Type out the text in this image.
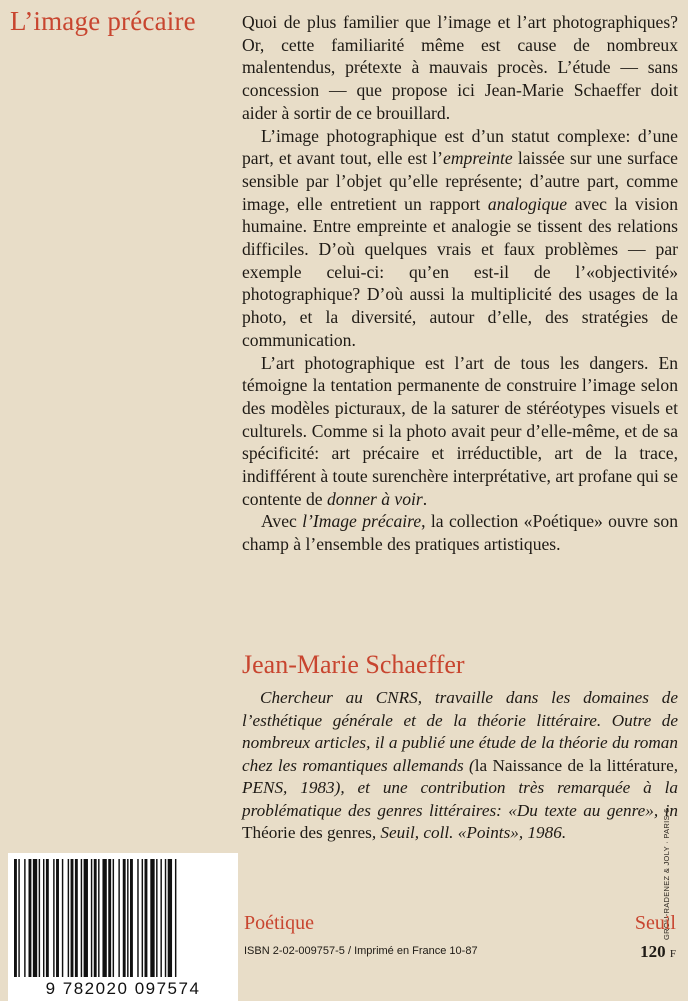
L’image précaire	Quoi de plus familier que l’image et l’art photographiques? Or, cette familiarité même est cause de nombreux malentendus, prétexte à mauvais procès. L’étude — sans concession — que propose ici Jean-Marie Schaeffer doit aider à sortir de ce brouillard.

L’image photographique est d’un statut complexe: d’une part, et avant tout, elle est l’empreinte laissée sur une surface sensible par l’objet qu’elle représente; d’autre part, comme image, elle entretient un rapport analogique avec la vision humaine. Entre empreinte et analogie se tissent des relations difficiles. D’où quelques vrais et faux problèmes — par exemple celui-ci: qu’en est-il de l’«objectivité» photographique? D’où aussi la multiplicité des usages de la photo, et la diversité, autour d’elle, des stratégies de communication.

L’art photographique est l’art de tous les dangers. En témoigne la tentation permanente de construire l’image selon des modèles picturaux, de la saturer de stéréotypes visuels et culturels. Comme si la photo avait peur d’elle-même, et de sa spécificité: art précaire et irréductible, art de la trace, indifférent à toute surenchère interprétative, art profane qui se contente de donner à voir.

Avec l’Image précaire, la collection «Poétique» ouvre son champ à l’ensemble des pratiques artistiques.

Jean-Marie Schaeffer

Chercheur au CNRS, travaille dans les domaines de l’esthétique générale et de la théorie littéraire. Outre de nombreux articles, il a publié une étude de la théorie du roman chez les romantiques allemands (la Naissance de la littérature, PENS, 1983), et une contribution très remarquée à la problématique des genres littéraires: «Du texte au genre», in Théorie des genres, Seuil, coll. «Points», 1986.	GROU-RADENEZ & JOLY · PARIS 6
9 782020 097574
Poétique	Seuil
ISBN 2-02-009757-5 / Imprimé en France 10-87	120 F
